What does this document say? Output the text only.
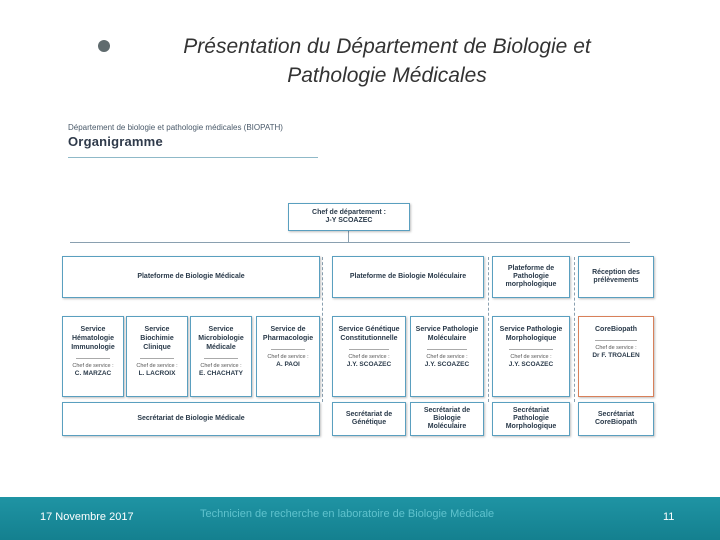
Présentation du Département de Biologie et
Pathologie Médicales

Département de biologie et pathologie médicales (BIOPATH)

Organigramme

Chef de département :
J-Y SCOAZEC
Plateforme de Biologie Médicale	Plateforme de Biologie Moléculaire
Plateforme de Pathologie morphologique
Réception des prélèvements
Service Hématologie Immunologie
Chef de service :
C. MARZAC
Service Biochimie Clinique
Chef de service :
L. LACROIX
Service Microbiologie Médicale
Chef de service :
E. CHACHATY
Service de Pharmacologie
Chef de service :
A. PAOI
Service Génétique Constitutionnelle
Chef de service :
J.Y. SCOAZEC
Service Pathologie Moléculaire
Chef de service :
J.Y. SCOAZEC
Service Pathologie Morphologique
Chef de service :
J.Y. SCOAZEC
CoreBiopath
Chef de service :
Dr F. TROALEN
Secrétariat de Biologie Médicale
Secrétariat de Génétique
Secrétariat de Biologie Moléculaire
Secrétariat Pathologie Morphologique
Secrétariat CoreBiopath
17 Novembre 2017	Technicien de recherche en laboratoire de Biologie Médicale	11
